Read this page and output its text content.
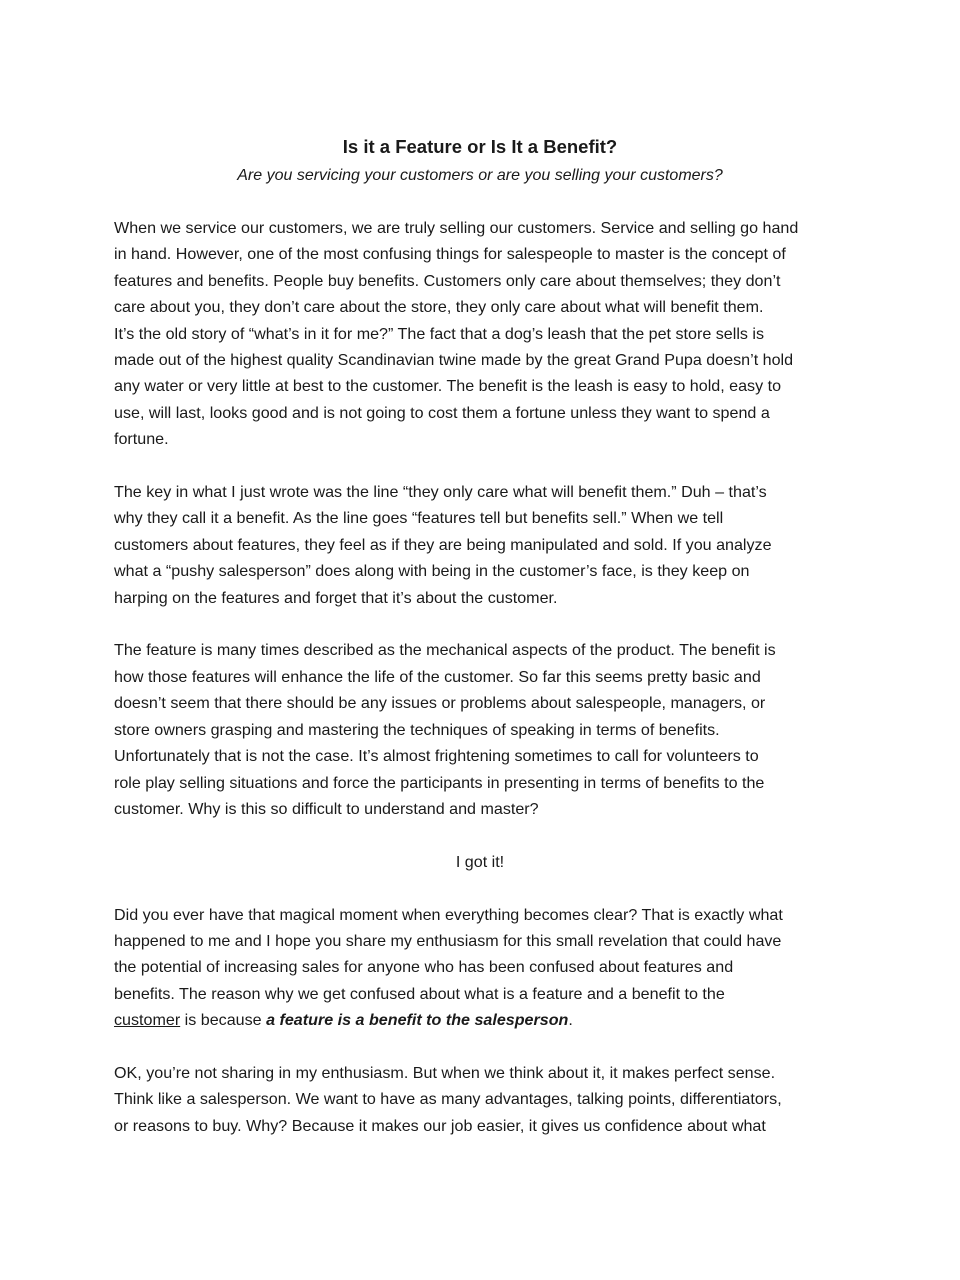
Is it a Feature or Is It a Benefit?

Are you servicing your customers or are you selling your customers?

When we service our customers, we are truly selling our customers. Service and selling go hand
in hand. However, one of the most confusing things for salespeople to master is the concept of
features and benefits. People buy benefits. Customers only care about themselves; they don’t
care about you, they don’t care about the store, they only care about what will benefit them.
It’s the old story of “what’s in it for me?” The fact that a dog’s leash that the pet store sells is
made out of the highest quality Scandinavian twine made by the great Grand Pupa doesn’t hold
any water or very little at best to the customer. The benefit is the leash is easy to hold, easy to
use, will last, looks good and is not going to cost them a fortune unless they want to spend a
fortune.

The key in what I just wrote was the line “they only care what will benefit them.” Duh – that’s
why they call it a benefit. As the line goes “features tell but benefits sell.” When we tell
customers about features, they feel as if they are being manipulated and sold. If you analyze
what a “pushy salesperson” does along with being in the customer’s face, is they keep on
harping on the features and forget that it’s about the customer.

The feature is many times described as the mechanical aspects of the product. The benefit is
how those features will enhance the life of the customer. So far this seems pretty basic and
doesn’t seem that there should be any issues or problems about salespeople, managers, or
store owners grasping and mastering the techniques of speaking in terms of benefits.
Unfortunately that is not the case. It’s almost frightening sometimes to call for volunteers to
role play selling situations and force the participants in presenting in terms of benefits to the
customer. Why is this so difficult to understand and master?

I got it!

Did you ever have that magical moment when everything becomes clear? That is exactly what
happened to me and I hope you share my enthusiasm for this small revelation that could have
the potential of increasing sales for anyone who has been confused about features and
benefits. The reason why we get confused about what is a feature and a benefit to the
customer is because a feature is a benefit to the salesperson.

OK, you’re not sharing in my enthusiasm. But when we think about it, it makes perfect sense.
Think like a salesperson. We want to have as many advantages, talking points, differentiators,
or reasons to buy. Why? Because it makes our job easier, it gives us confidence about what
